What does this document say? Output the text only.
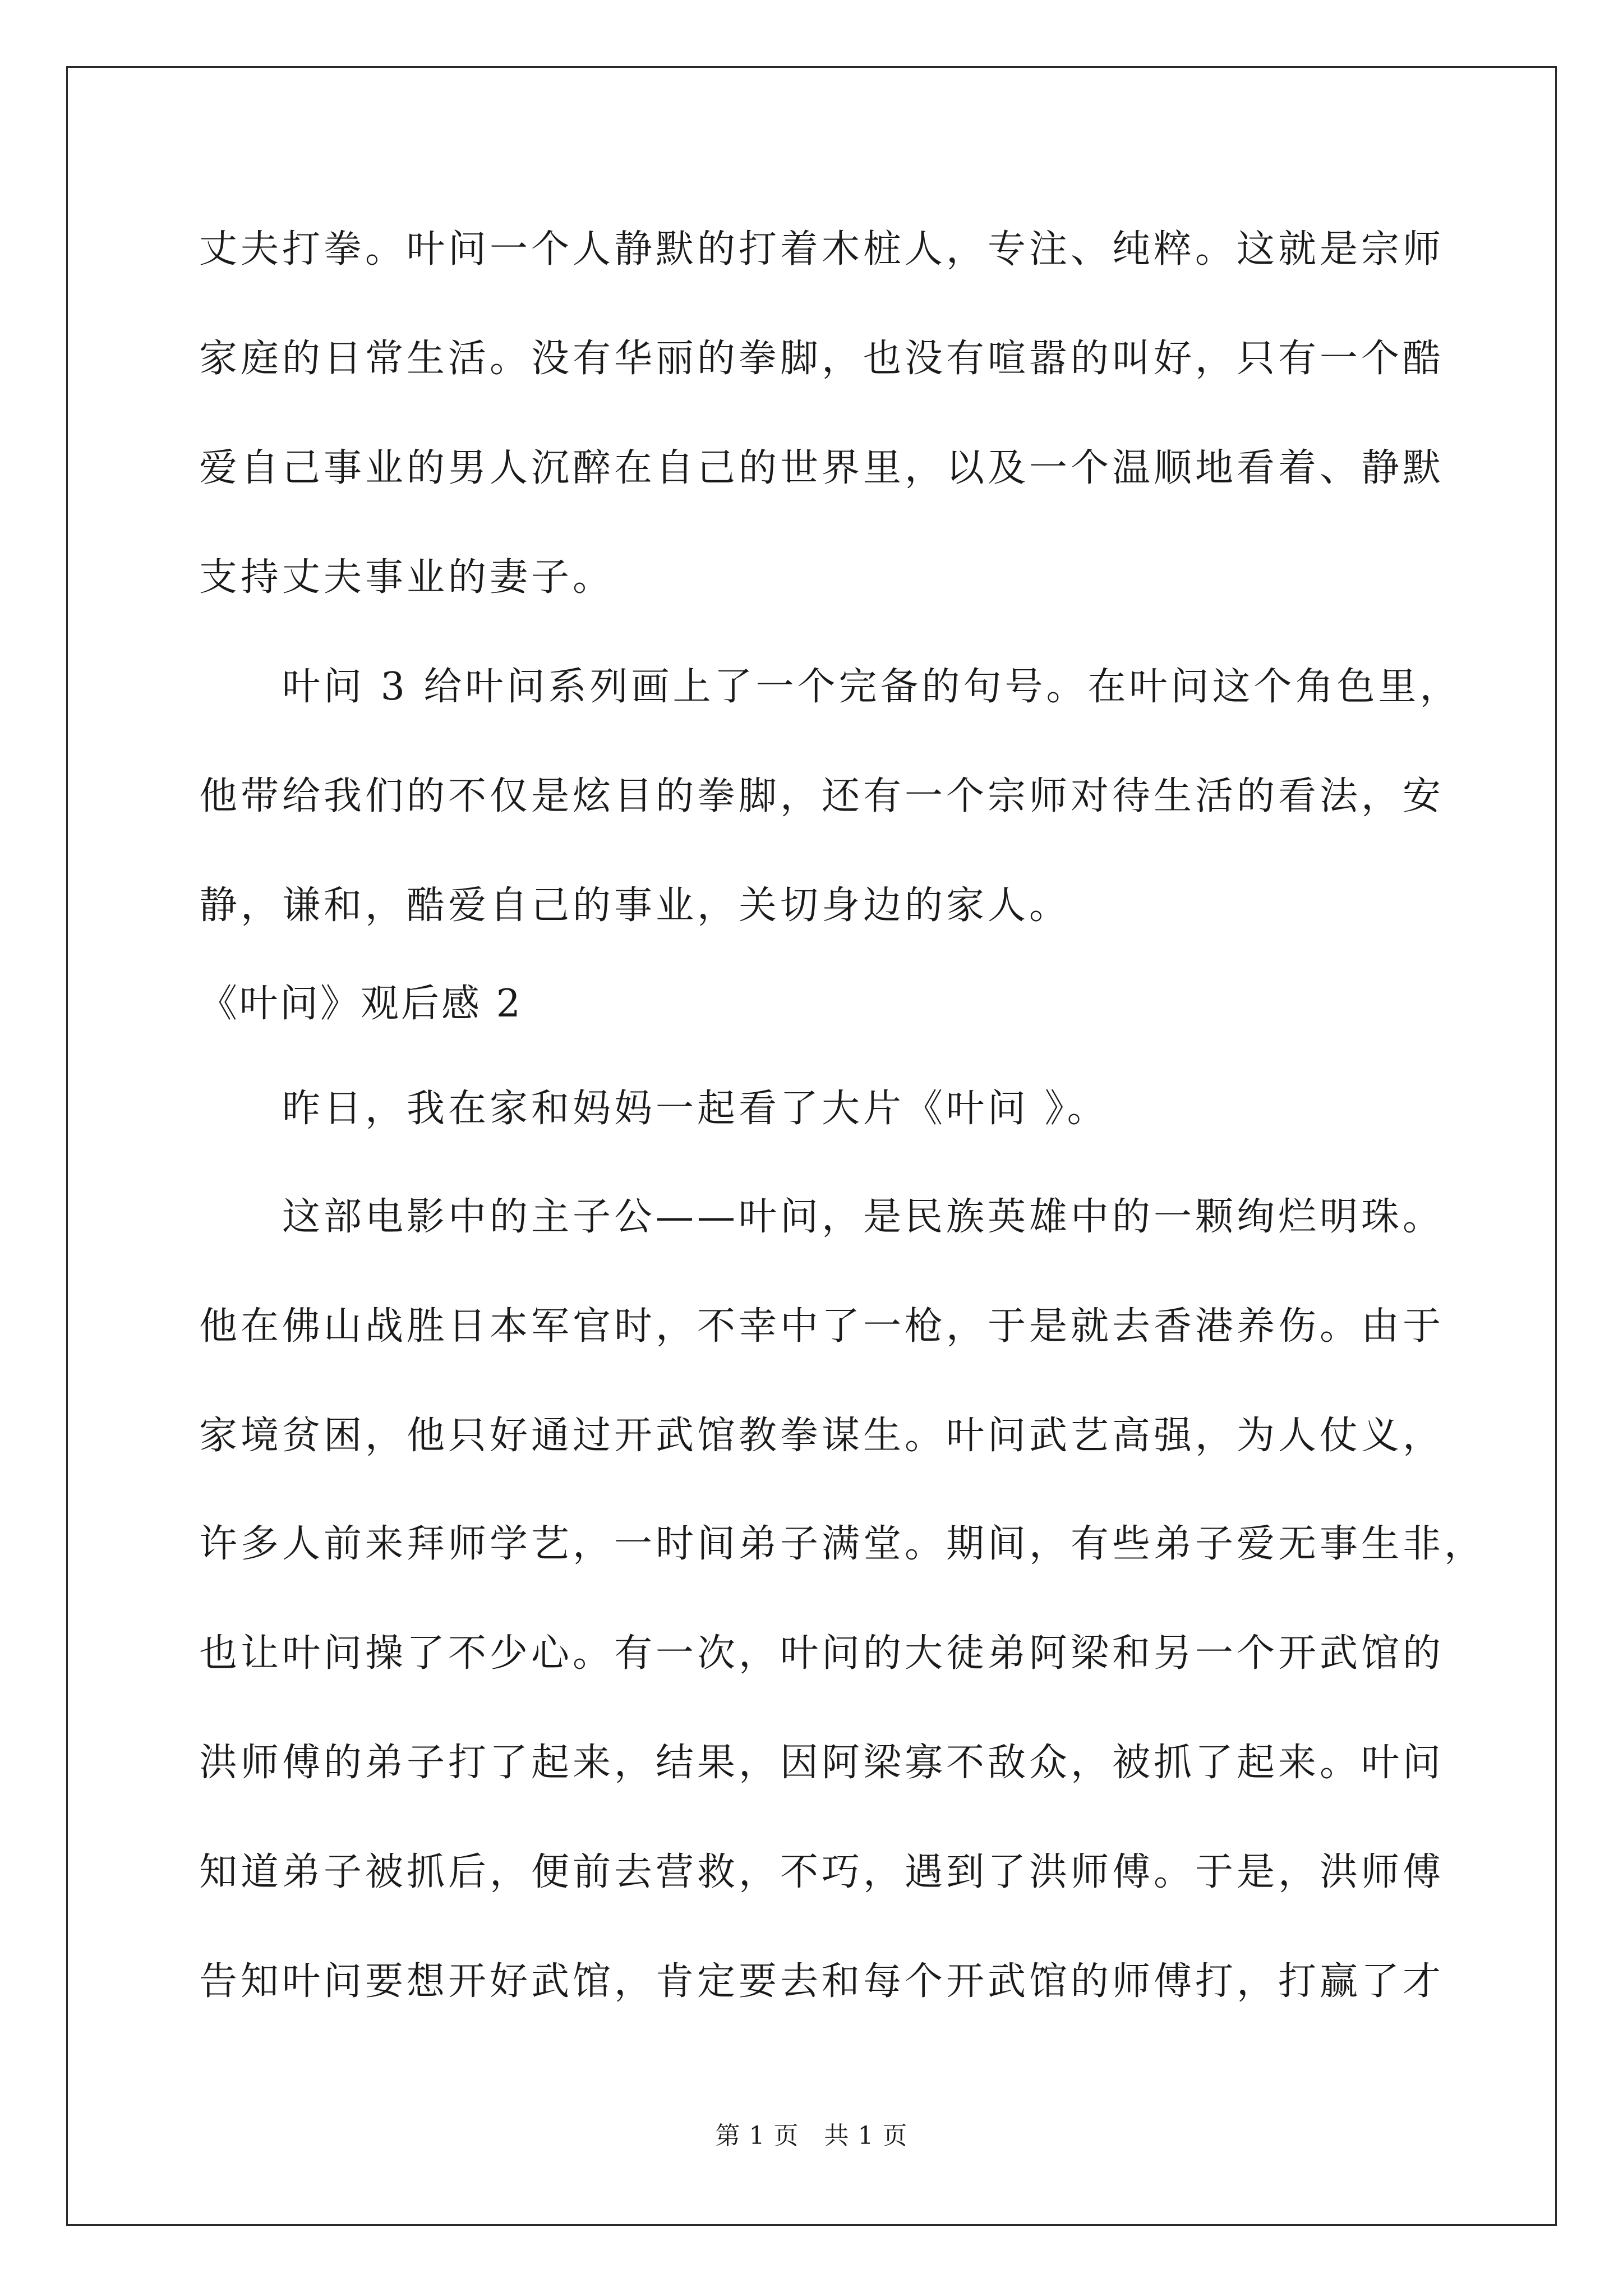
丈夫打拳。叶问一个人静默的打着木桩人，专注、纯粹。这就是宗师
家庭的日常生活。没有华丽的拳脚，也没有喧嚣的叫好，只有一个酷
爱自己事业的男人沉醉在自己的世界里，以及一个温顺地看着、静默
支持丈夫事业的妻子。
　　叶问 3 给叶问系列画上了一个完备的句号。在叶问这个角色里，
他带给我们的不仅是炫目的拳脚，还有一个宗师对待生活的看法，安
静，谦和，酷爱自己的事业，关切身边的家人。
《叶问》观后感 2
　　昨日，我在家和妈妈一起看了大片《叶问 》。
　　这部电影中的主子公——叶问，是民族英雄中的一颗绚烂明珠。
他在佛山战胜日本军官时，不幸中了一枪，于是就去香港养伤。由于
家境贫困，他只好通过开武馆教拳谋生。叶问武艺高强，为人仗义，
许多人前来拜师学艺，一时间弟子满堂。期间，有些弟子爱无事生非，
也让叶问操了不少心。有一次，叶问的大徒弟阿梁和另一个开武馆的
洪师傅的弟子打了起来，结果，因阿梁寡不敌众，被抓了起来。叶问
知道弟子被抓后，便前去营救，不巧，遇到了洪师傅。于是，洪师傅
告知叶问要想开好武馆，肯定要去和每个开武馆的师傅打，打赢了才
第 1 页　共 1 页
